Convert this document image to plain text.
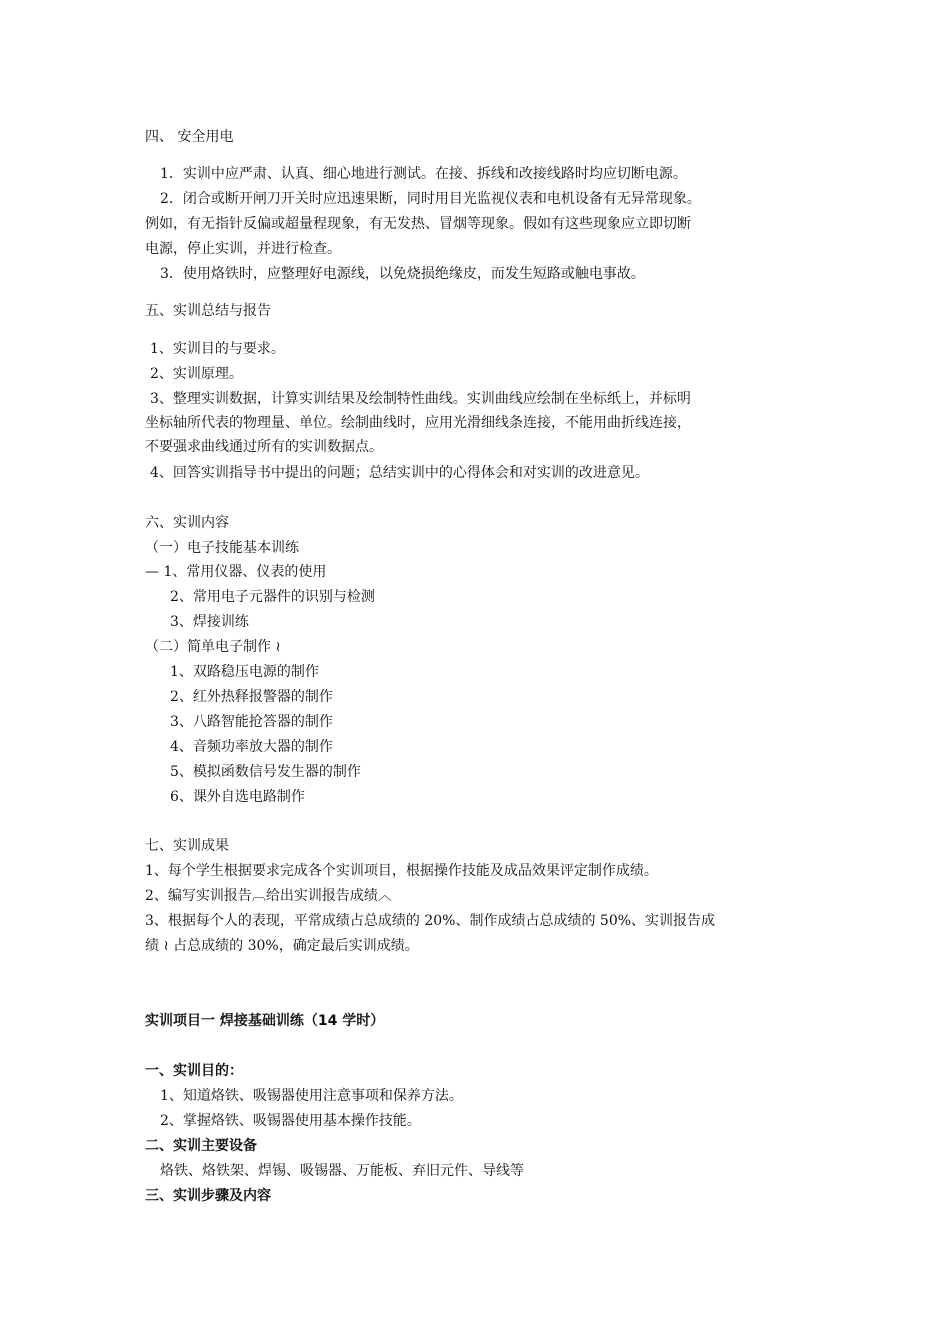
四、 安全用电
1．实训中应严肃、认真、细心地进行测试。在接、拆线和改接线路时均应切断电源。
2．闭合或断开闸刀开关时应迅速果断，同时用目光监视仪表和电机设备有无异常现象。
例如，有无指针反偏或超量程现象，有无发热、冒烟等现象。假如有这些现象应立即切断
电源，停止实训，并进行检查。
3．使用烙铁时，应整理好电源线，以免烧损绝缘皮，而发生短路或触电事故。
五、实训总结与报告
1、实训目的与要求。
2、实训原理。
3、整理实训数据，计算实训结果及绘制特性曲线。实训曲线应绘制在坐标纸上，并标明
坐标轴所代表的物理量、单位。绘制曲线时，应用光滑细线条连接，不能用曲折线连接，
不要强求曲线通过所有的实训数据点。
4、回答实训指导书中提出的问题；总结实训中的心得体会和对实训的改进意见。
六、实训内容
（一）电子技能基本训练
— 1、常用仪器、仪表的使用
2、常用电子元器件的识别与检测
3、焊接训练
（二）简单电子制作 ≀
1、双路稳压电源的制作
2、红外热释报警器的制作
3、八路智能抢答器的制作
4、音频功率放大器的制作
5、模拟函数信号发生器的制作
6、课外自选电路制作
七、实训成果
1、每个学生根据要求完成各个实训项目，根据操作技能及成品效果评定制作成绩。
2、编写实训报告︹给出实训报告成绩︿
3、根据每个人的表现，平常成绩占总成绩的 20%、制作成绩占总成绩的 50%、实训报告成
绩 ≀ 占总成绩的 30%，确定最后实训成绩。
实训项目一 焊接基础训练（14 学时）
一、实训目的：
1、知道烙铁、吸锡器使用注意事项和保养方法。
2、掌握烙铁、吸锡器使用基本操作技能。
二、实训主要设备
烙铁、烙铁架、焊锡、吸锡器、万能板、弃旧元件、导线等
三、实训步骤及内容
